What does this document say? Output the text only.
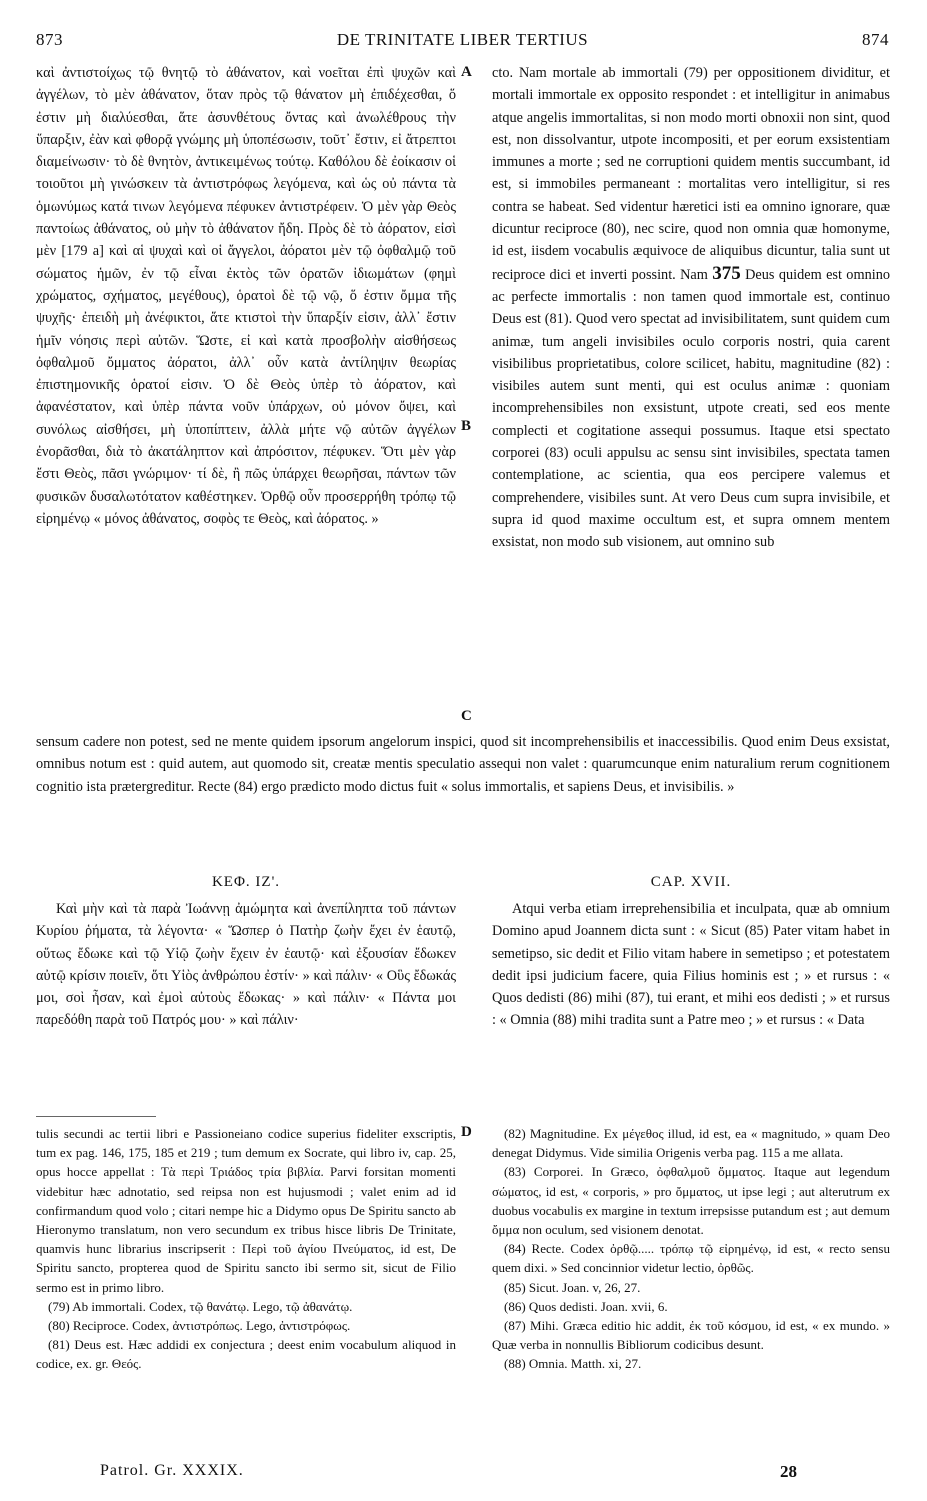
873	DE TRINITATE LIBER TERTIUS	874
A
B
C
D

καὶ ἀντιστοίχως τῷ θνητῷ τὸ ἀθάνατον, καὶ νοεῖται ἐπὶ ψυχῶν καὶ ἀγγέλων, τὸ μὲν ἀθάνατον, ὅταν πρὸς τῷ θάνατον μὴ ἐπιδέχεσθαι, ὅ ἐστιν μὴ διαλύεσθαι, ἅτε ἀσυνθέτους ὄντας καὶ ἀνωλέθρους τὴν ὕπαρξιν, ἐὰν καὶ φθορᾷ γνώμης μὴ ὑποπέσωσιν, τοῦτ᾽ ἔστιν, εἰ ἄτρεπτοι διαμείνωσιν· τὸ δὲ θνητὸν, ἀντικειμένως τούτῳ. Καθόλου δὲ ἐοίκασιν οἱ τοιοῦτοι μὴ γινώσκειν τὰ ἀντιστρόφως λεγόμενα, καὶ ὡς οὐ πάντα τὰ ὁμωνύμως κατά τινων λεγόμενα πέφυκεν ἀντιστρέφειν. Ὁ μὲν γὰρ Θεὸς παντοίως ἀθάνατος, οὐ μὴν τὸ ἀθάνατον ἤδη. Πρὸς δὲ τὸ ἀόρατον, εἰσὶ μὲν [179 a] καὶ αἱ ψυχαὶ καὶ οἱ ἄγγελοι, ἀόρατοι μὲν τῷ ὀφθαλμῷ τοῦ σώματος ἡμῶν, ἐν τῷ εἶναι ἐκτὸς τῶν ὁρατῶν ἰδιωμάτων (φημὶ χρώματος, σχήματος, μεγέθους), ὁρατοὶ δὲ τῷ νῷ, ὅ ἐστιν ὄμμα τῆς ψυχῆς· ἐπειδὴ μὴ ἀνέφικτοι, ἅτε κτιστοὶ τὴν ὕπαρξίν εἰσιν, ἀλλ᾽ ἔστιν ἡμῖν νόησις περὶ αὐτῶν. Ὥστε, εἰ καὶ κατὰ προσβολὴν αἰσθήσεως ὀφθαλμοῦ ὄμματος ἀόρατοι, ἀλλ᾽ οὖν κατὰ ἀντίληψιν θεωρίας ἐπιστημονικῆς ὁρατοί εἰσιν. Ὁ δὲ Θεὸς ὑπὲρ τὸ ἀόρατον, καὶ ἀφανέστατον, καὶ ὑπὲρ πάντα νοῦν ὑπάρχων, οὐ μόνον ὄψει, καὶ συνόλως αἰσθήσει, μὴ ὑποπίπτειν, ἀλλὰ μήτε νῷ αὐτῶν ἀγγέλων ἐνορᾶσθαι, διὰ τὸ ἀκατάληπτον καὶ ἀπρόσιτον, πέφυκεν. Ὅτι μὲν γὰρ ἔστι Θεὸς, πᾶσι γνώριμον· τί δὲ, ἢ πῶς ὑπάρχει θεωρῆσαι, πάντων τῶν φυσικῶν δυσαλωτότατον καθέστηκεν. Ὀρθῷ οὖν προσερρήθη τρόπῳ τῷ εἰρημένῳ « μόνος ἀθάνατος, σοφὸς τε Θεὸς, καὶ ἀόρατος. »

cto. Nam mortale ab immortali (79) per oppositionem dividitur, et mortali immortale ex opposito respondet : et intelligitur in animabus atque angelis immortalitas, si non modo morti obnoxii non sint, quod est, non dissolvantur, utpote incompositi, et per eorum exsistentiam immunes a morte ; sed ne corruptioni quidem mentis succumbant, id est, si immobiles permaneant : mortalitas vero intelligitur, si res contra se habeat. Sed videntur hæretici isti ea omnino ignorare, quæ dicuntur reciproce (80), nec scire, quod non omnia quæ homonyme, id est, iisdem vocabulis æquivoce de aliquibus dicuntur, talia sunt ut reciproce dici et inverti possint. Nam 375 Deus quidem est omnino ac perfecte immortalis : non tamen quod immortale est, continuo Deus est (81). Quod vero spectat ad invisibilitatem, sunt quidem cum animæ, tum angeli invisibiles oculo corporis nostri, quia carent visibilibus proprietatibus, colore scilicet, habitu, magnitudine (82) : visibiles autem sunt menti, qui est oculus animæ : quoniam incomprehensibiles non exsistunt, utpote creati, sed eos mente complecti et cogitatione assequi possumus. Itaque etsi spectato corporei (83) oculi appulsu ac sensu sint invisibiles, spectata tamen contemplatione, ac scientia, qua eos percipere valemus et comprehendere, visibiles sunt. At vero Deus cum supra invisibile, et supra id quod maxime occultum est, et supra omnem mentem exsistat, non modo sub visionem, aut omnino sub

sensum cadere non potest, sed ne mente quidem ipsorum angelorum inspici, quod sit incomprehensibilis et inaccessibilis. Quod enim Deus exsistat, omnibus notum est : quid autem, aut quomodo sit, creatæ mentis speculatio assequi non valet : quarumcunque enim naturalium rerum cognitionem cognitio ista prætergreditur. Recte (84) ergo prædicto modo dictus fuit « solus immortalis, et sapiens Deus, et invisibilis. »

ΚΕΦ. ΙΖ'.	CAP. XVII.

Καὶ μὴν καὶ τὰ παρὰ Ἰωάννῃ ἀμώμητα καὶ ἀνεπίληπτα τοῦ πάντων Κυρίου ῥήματα, τὰ λέγοντα· « Ὥσπερ ὁ Πατὴρ ζωὴν ἔχει ἐν ἑαυτῷ, οὕτως ἔδωκε καὶ τῷ Υἱῷ ζωὴν ἔχειν ἐν ἑαυτῷ· καὶ ἐξουσίαν ἔδωκεν αὐτῷ κρίσιν ποιεῖν, ὅτι Υἱὸς ἀνθρώπου ἐστίν· » καὶ πάλιν· « Οὓς ἔδωκάς μοι, σοὶ ἦσαν, καὶ ἐμοὶ αὐτοὺς ἔδωκας· » καὶ πάλιν· « Πάντα μοι παρεδόθη παρὰ τοῦ Πατρός μου· » καὶ πάλιν·

Atqui verba etiam irreprehensibilia et inculpata, quæ ab omnium Domino apud Joannem dicta sunt : « Sicut (85) Pater vitam habet in semetipso, sic dedit et Filio vitam habere in semetipso ; et potestatem dedit ipsi judicium facere, quia Filius hominis est ; » et rursus : « Quos dedisti (86) mihi (87), tui erant, et mihi eos dedisti ; » et rursus : « Omnia (88) mihi tradita sunt a Patre meo ; » et rursus : « Data

tulis secundi ac tertii libri e Passioneiano codice superius fideliter exscriptis, tum ex pag. 146, 175, 185 et 219 ; tum demum ex Socrate, qui libro iv, cap. 25, opus hocce appellat : Τὰ περὶ Τριάδος τρία βιβλία. Parvi forsitan momenti videbitur hæc adnotatio, sed reipsa non est hujusmodi ; valet enim ad id confirmandum quod volo ; citari nempe hic a Didymo opus De Spiritu sancto ab Hieronymo translatum, non vero secundum ex tribus hisce libris De Trinitate, quamvis hunc librarius inscripserit : Περὶ τοῦ ἁγίου Πνεύματος, id est, De Spiritu sancto, propterea quod de Spiritu sancto ibi sermo sit, sicut de Filio sermo est in primo libro.

(79) Ab immortali. Codex, τῷ θανάτῳ. Lego, τῷ ἀθανάτῳ.

(80) Reciproce. Codex, ἀντιστρόπως. Lego, ἀντιστρόφως.

(81) Deus est. Hæc addidi ex conjectura ; deest enim vocabulum aliquod in codice, ex. gr. Θεός.

(82) Magnitudine. Ex μέγεθος illud, id est, ea « magnitudo, » quam Deo denegat Didymus. Vide similia Origenis verba pag. 115 a me allata.

(83) Corporei. In Græco, ὀφθαλμοῦ ὄμματος. Itaque aut legendum σώματος, id est, « corporis, » pro ὄμματος, ut ipse legi ; aut alterutrum ex duobus vocabulis ex margine in textum irrepsisse putandum est ; aut demum ὄμμα non oculum, sed visionem denotat.

(84) Recte. Codex ὀρθῷ..... τρόπῳ τῷ εἰρημένῳ, id est, « recto sensu quem dixi. » Sed concinnior videtur lectio, ὀρθῶς.

(85) Sicut. Joan. v, 26, 27.

(86) Quos dedisti. Joan. xvii, 6.

(87) Mihi. Græca editio hic addit, ἐκ τοῦ κόσμου, id est, « ex mundo. » Quæ verba in nonnullis Bibliorum codicibus desunt.

(88) Omnia. Matth. xi, 27.

Patrol. Gr. XXXIX.	28
